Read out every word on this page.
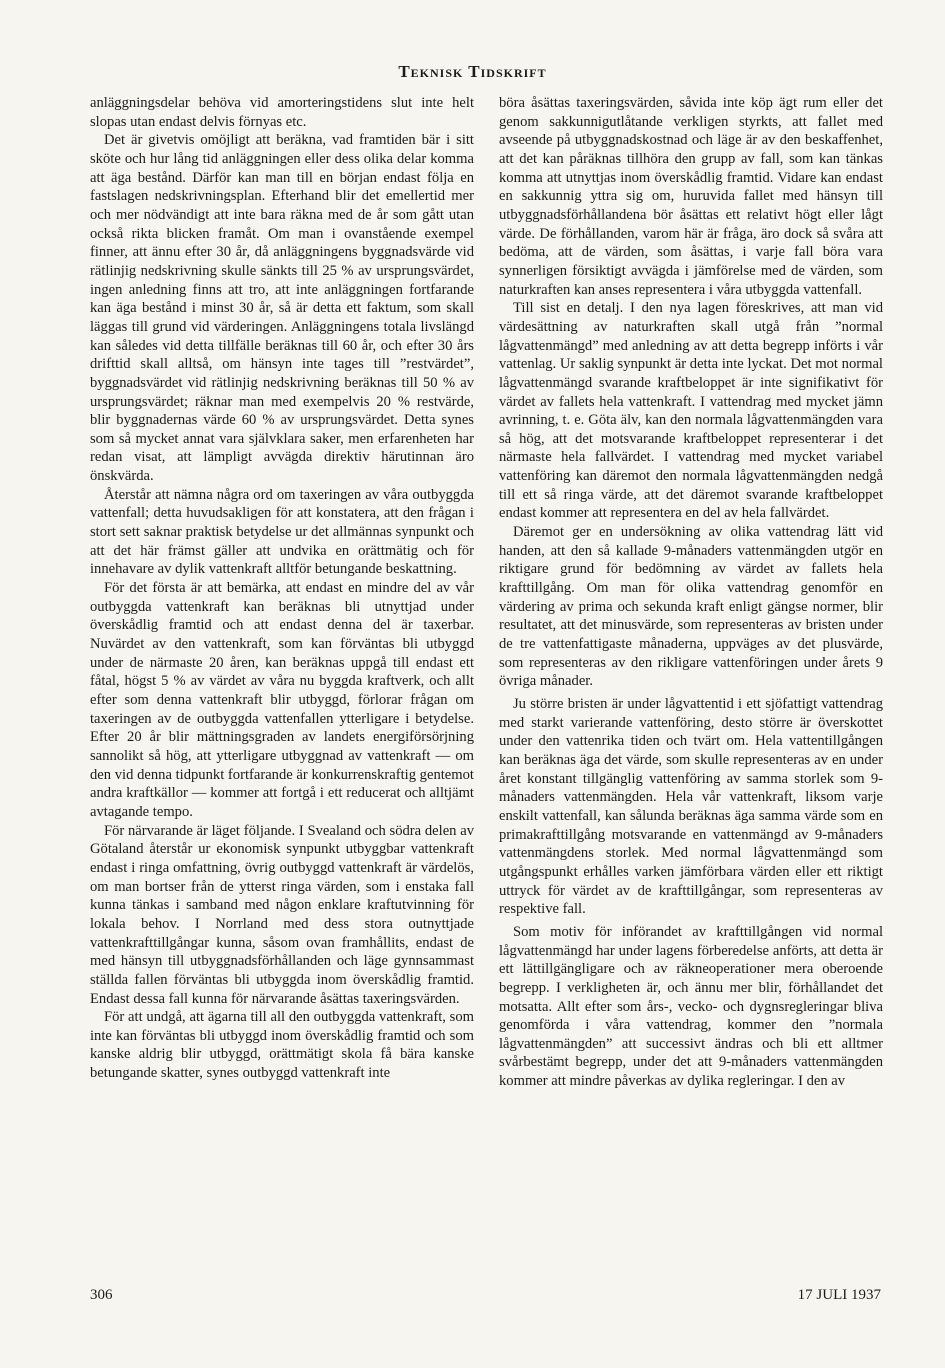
Teknisk Tidskrift

anläggningsdelar behöva vid amorteringstidens slut inte helt slopas utan endast delvis förnyas etc.

Det är givetvis omöjligt att beräkna, vad framtiden bär i sitt sköte och hur lång tid anläggningen eller dess olika delar komma att äga bestånd. Därför kan man till en början endast följa en fastslagen nedskrivningsplan. Efterhand blir det emellertid mer och mer nödvändigt att inte bara räkna med de år som gått utan också rikta blicken framåt. Om man i ovanstående exempel finner, att ännu efter 30 år, då anläggningens byggnadsvärde vid rätlinjig nedskrivning skulle sänkts till 25 % av ursprungsvärdet, ingen anledning finns att tro, att inte anläggningen fortfarande kan äga bestånd i minst 30 år, så är detta ett faktum, som skall läggas till grund vid värderingen. Anläggningens totala livslängd kan således vid detta tillfälle beräknas till 60 år, och efter 30 års drifttid skall alltså, om hänsyn inte tages till ”restvärdet”, byggnadsvärdet vid rätlinjig nedskrivning beräknas till 50 % av ursprungsvärdet; räknar man med exempelvis 20 % restvärde, blir byggnadernas värde 60 % av ursprungsvärdet. Detta synes som så mycket annat vara självklara saker, men erfarenheten har redan visat, att lämpligt avvägda direktiv härutinnan äro önskvärda.

Återstår att nämna några ord om taxeringen av våra outbyggda vattenfall; detta huvudsakligen för att konstatera, att den frågan i stort sett saknar praktisk betydelse ur det allmännas synpunkt och att det här främst gäller att undvika en orättmätig och för innehavare av dylik vattenkraft alltför betungande beskattning.

För det första är att bemärka, att endast en mindre del av vår outbyggda vattenkraft kan beräknas bli utnyttjad under överskådlig framtid och att endast denna del är taxerbar. Nuvärdet av den vattenkraft, som kan förväntas bli utbyggd under de närmaste 20 åren, kan beräknas uppgå till endast ett fåtal, högst 5 % av värdet av våra nu byggda kraftverk, och allt efter som denna vattenkraft blir utbyggd, förlorar frågan om taxeringen av de outbyggda vattenfallen ytterligare i betydelse. Efter 20 år blir mättningsgraden av landets energiförsörjning sannolikt så hög, att ytterligare utbyggnad av vattenkraft — om den vid denna tidpunkt fortfarande är konkurrenskraftig gentemot andra kraftkällor — kommer att fortgå i ett reducerat och alltjämt avtagande tempo.

För närvarande är läget följande. I Svealand och södra delen av Götaland återstår ur ekonomisk synpunkt utbyggbar vattenkraft endast i ringa omfattning, övrig outbyggd vattenkraft är värdelös, om man bortser från de ytterst ringa värden, som i enstaka fall kunna tänkas i samband med någon enklare kraftutvinning för lokala behov. I Norrland med dess stora outnyttjade vattenkrafttillgångar kunna, såsom ovan framhållits, endast de med hänsyn till utbyggnadsförhållanden och läge gynnsammast ställda fallen förväntas bli utbyggda inom överskådlig framtid. Endast dessa fall kunna för närvarande åsättas taxeringsvärden.

För att undgå, att ägarna till all den outbyggda vattenkraft, som inte kan förväntas bli utbyggd inom överskådlig framtid och som kanske aldrig blir utbyggd, orättmätigt skola få bära kanske betungande skatter, synes outbyggd vattenkraft inte

böra åsättas taxeringsvärden, såvida inte köp ägt rum eller det genom sakkunnigutlåtande verkligen styrkts, att fallet med avseende på utbyggnadskostnad och läge är av den beskaffenhet, att det kan påräknas tillhöra den grupp av fall, som kan tänkas komma att utnyttjas inom överskådlig framtid. Vidare kan endast en sakkunnig yttra sig om, huruvida fallet med hänsyn till utbyggnadsförhållandena bör åsättas ett relativt högt eller lågt värde. De förhållanden, varom här är fråga, äro dock så svåra att bedöma, att de värden, som åsättas, i varje fall böra vara synnerligen försiktigt avvägda i jämförelse med de värden, som naturkraften kan anses representera i våra utbyggda vattenfall.

Till sist en detalj. I den nya lagen föreskrives, att man vid värdesättning av naturkraften skall utgå från ”normal lågvattenmängd” med anledning av att detta begrepp införts i vår vattenlag. Ur saklig synpunkt är detta inte lyckat. Det mot normal lågvattenmängd svarande kraftbeloppet är inte signifikativt för värdet av fallets hela vattenkraft. I vattendrag med mycket jämn avrinning, t. e. Göta älv, kan den normala lågvattenmängden vara så hög, att det motsvarande kraftbeloppet representerar i det närmaste hela fallvärdet. I vattendrag med mycket variabel vattenföring kan däremot den normala lågvattenmängden nedgå till ett så ringa värde, att det däremot svarande kraftbeloppet endast kommer att representera en del av hela fallvärdet.

Däremot ger en undersökning av olika vattendrag lätt vid handen, att den så kallade 9-månaders vattenmängden utgör en riktigare grund för bedömning av värdet av fallets hela krafttillgång. Om man för olika vattendrag genomför en värdering av prima och sekunda kraft enligt gängse normer, blir resultatet, att det minusvärde, som representeras av bristen under de tre vattenfattigaste månaderna, uppväges av det plusvärde, som representeras av den rikligare vattenföringen under årets 9 övriga månader.

Ju större bristen är under lågvattentid i ett sjöfattigt vattendrag med starkt varierande vattenföring, desto större är överskottet under den vattenrika tiden och tvärt om. Hela vattentillgången kan beräknas äga det värde, som skulle representeras av en under året konstant tillgänglig vattenföring av samma storlek som 9-månaders vattenmängden. Hela vår vattenkraft, liksom varje enskilt vattenfall, kan sålunda beräknas äga samma värde som en primakrafttillgång motsvarande en vattenmängd av 9-månaders vattenmängdens storlek. Med normal lågvattenmängd som utgångspunkt erhålles varken jämförbara värden eller ett riktigt uttryck för värdet av de krafttillgångar, som representeras av respektive fall.

Som motiv för införandet av krafttillgången vid normal lågvattenmängd har under lagens förberedelse anförts, att detta är ett lättillgängligare och av räkneoperationer mera oberoende begrepp. I verkligheten är, och ännu mer blir, förhållandet det motsatta. Allt efter som års-, vecko- och dygnsregleringar bliva genomförda i våra vattendrag, kommer den ”normala lågvattenmängden” att successivt ändras och bli ett alltmer svårbestämt begrepp, under det att 9-månaders vattenmängden kommer att mindre påverkas av dylika regleringar. I den av

306	17 JULI 1937
